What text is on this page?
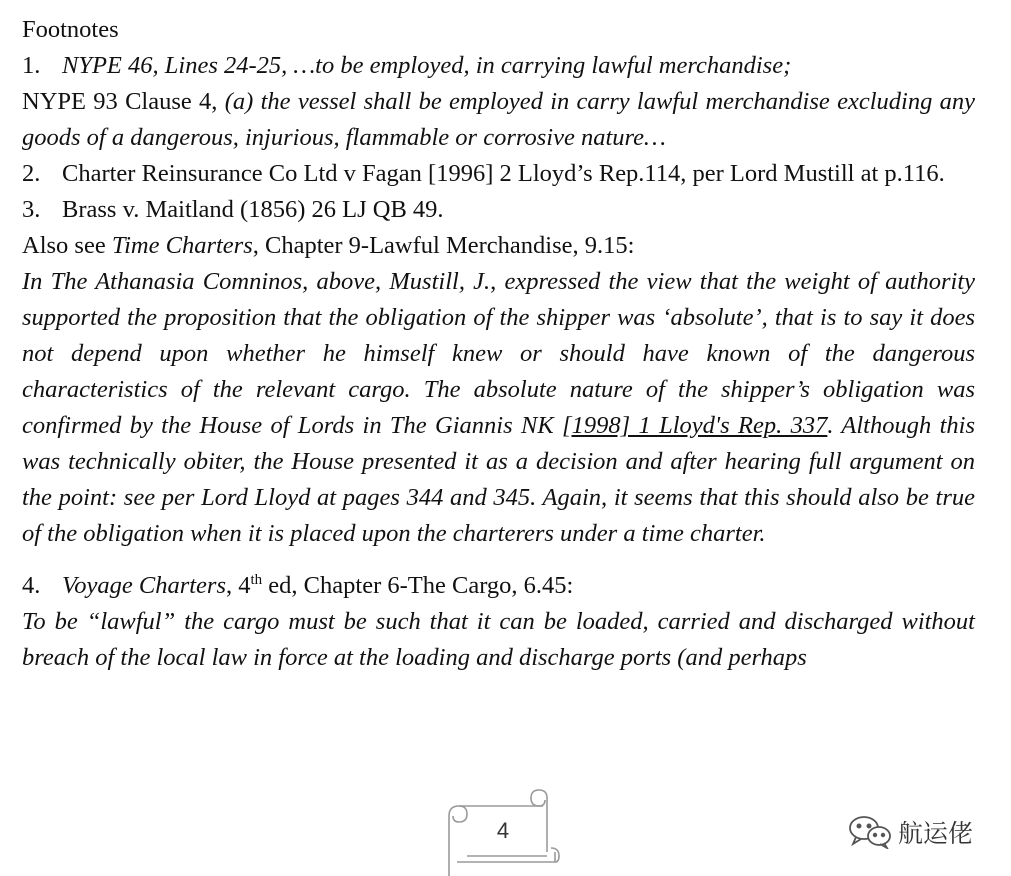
Footnotes

1. NYPE 46, Lines 24-25, …to be employed, in carrying lawful merchandise;

NYPE 93 Clause 4, (a) the vessel shall be employed in carry lawful merchandise excluding any goods of a dangerous, injurious, flammable or corrosive nature…

2. Charter Reinsurance Co Ltd v Fagan [1996] 2 Lloyd’s Rep.114, per Lord Mustill at p.116.

3. Brass v. Maitland (1856) 26 LJ QB 49.

Also see Time Charters, Chapter 9-Lawful Merchandise, 9.15:

In The Athanasia Comninos, above, Mustill, J., expressed the view that the weight of authority supported the proposition that the obligation of the shipper was ‘absolute’, that is to say it does not depend upon whether he himself knew or should have known of the dangerous characteristics of the relevant cargo. The absolute nature of the shipper’s obligation was confirmed by the House of Lords in The Giannis NK [1998] 1 Lloyd's Rep. 337. Although this was technically obiter, the House presented it as a decision and after hearing full argument on the point: see per Lord Lloyd at pages 344 and 345. Again, it seems that this should also be true of the obligation when it is placed upon the charterers under a time charter.

4. Voyage Charters, 4th ed, Chapter 6-The Cargo, 6.45:

To be “lawful” the cargo must be such that it can be loaded, carried and discharged without breach of the local law in force at the loading and discharge ports (and perhaps

4	航运佬
